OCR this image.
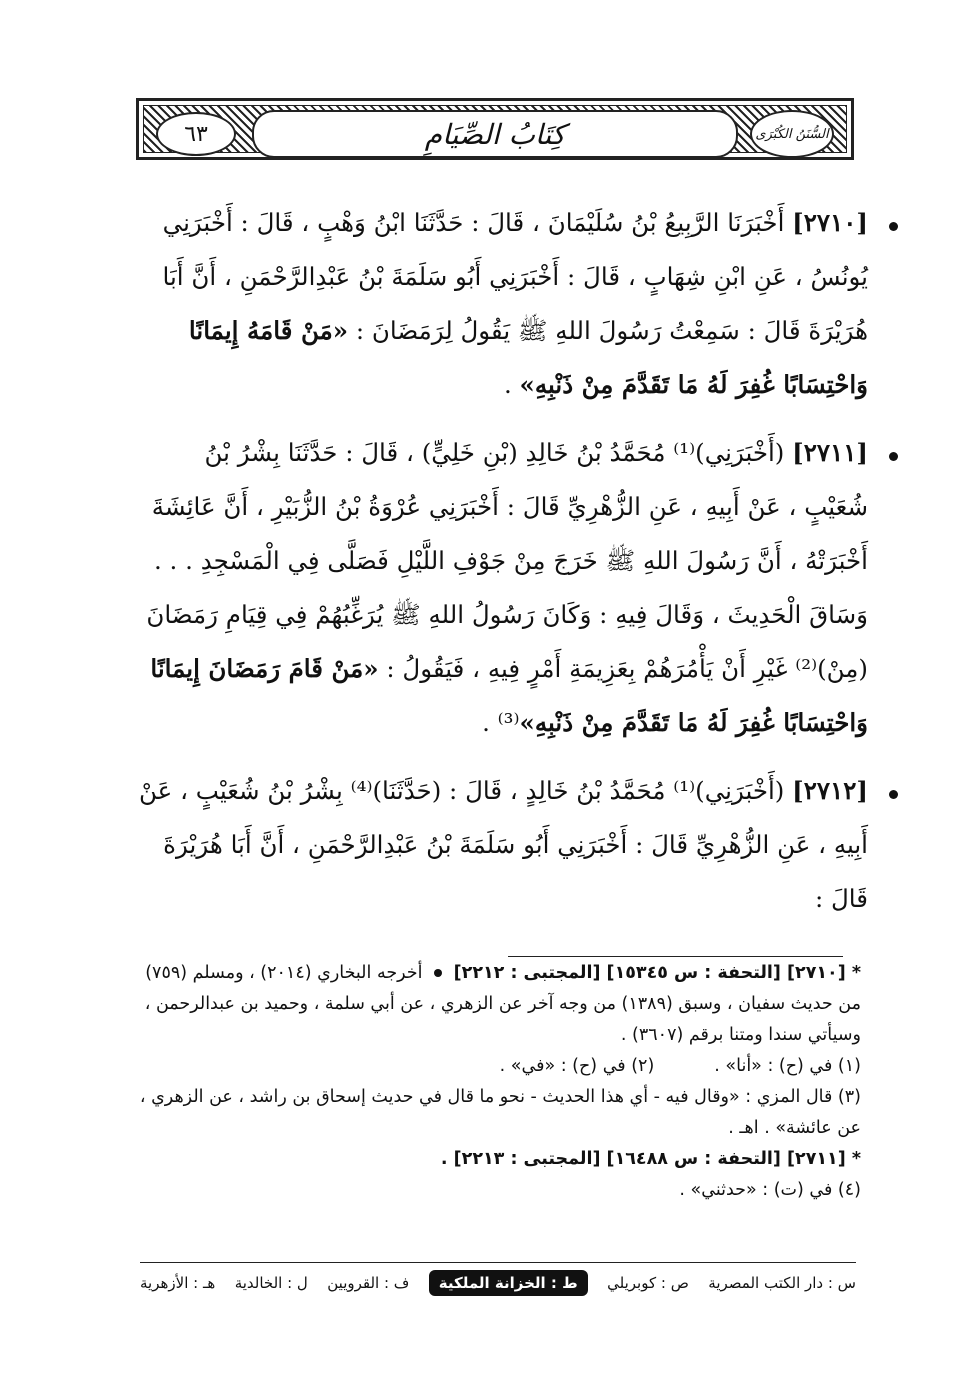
٦٣	كِتَابُ الصِّيَامِ	السُّنَنُ الكُبْرَى
[٢٧١٠] أَخْبَرَنَا الرَّبِيعُ بْنُ سُلَيْمَانَ ، قَالَ : حَدَّثَنَا ابْنُ وَهْبٍ ، قَالَ : أَخْبَرَنِي يُونُسُ ، عَنِ ابْنِ شِهَابٍ ، قَالَ : أَخْبَرَنِي أَبُو سَلَمَةَ بْنُ عَبْدِالرَّحْمَنِ ، أَنَّ أَبَا هُرَيْرَةَ قَالَ : سَمِعْتُ رَسُولَ اللهِ ﷺ يَقُولُ لِرَمَضَانَ : «مَنْ قَامَهُ إِيمَانًا وَاحْتِسَابًا غُفِرَ لَهُ مَا تَقَدَّمَ مِنْ ذَنْبِهِ» .
[٢٧١١] (أَخْبَرَنِي)⁽¹⁾ مُحَمَّدُ بْنُ خَالِدِ (بْنِ خَلِيٍّ) ، قَالَ : حَدَّثَنَا بِشْرُ بْنُ شُعَيْبٍ ، عَنْ أَبِيهِ ، عَنِ الزُّهْرِيِّ قَالَ : أَخْبَرَنِي عُرْوَةُ بْنُ الزُّبَيْرِ ، أَنَّ عَائِشَةَ أَخْبَرَتْهُ ، أَنَّ رَسُولَ اللهِ ﷺ خَرَجَ مِنْ جَوْفِ اللَّيْلِ فَصَلَّى فِي الْمَسْجِدِ . . . وَسَاقَ الْحَدِيثَ ، وَقَالَ فِيهِ : وَكَانَ رَسُولُ اللهِ ﷺ يُرَغِّبُهُمْ فِي قِيَامِ رَمَضَانَ (مِنْ)⁽²⁾ غَيْرِ أَنْ يَأْمُرَهُمْ بِعَزِيمَةِ أَمْرٍ فِيهِ ، فَيَقُولُ : «مَنْ قَامَ رَمَضَانَ إِيمَانًا وَاحْتِسَابًا غُفِرَ لَهُ مَا تَقَدَّمَ مِنْ ذَنْبِهِ»⁽³⁾ .
[٢٧١٢] (أَخْبَرَنِي)⁽¹⁾ مُحَمَّدُ بْنُ خَالِدٍ ، قَالَ : (حَدَّثَنَا)⁽⁴⁾ بِشْرُ بْنُ شُعَيْبٍ ، عَنْ أَبِيهِ ، عَنِ الزُّهْرِيِّ قَالَ : أَخْبَرَنِي أَبُو سَلَمَةَ بْنُ عَبْدِالرَّحْمَنِ ، أَنَّ أَبَا هُرَيْرَةَ قَالَ :
* [٢٧١٠] [التحفة : س ١٥٣٤٥] [المجتبى : ٢٢١٢]  أخرجه البخاري (٢٠١٤) ، ومسلم (٧٥٩) من حديث سفيان ، وسبق (١٣٨٩) من وجه آخر عن الزهري ، عن أبي سلمة ، وحميد بن عبدالرحمن ، وسيأتي سندا ومتنا برقم (٣٦٠٧) .
(١) في (ح) : «أنا» .
(٢) في (ح) : «في» .
(٣) قال المزي : «وقال فيه - أي هذا الحديث - نحو ما قال في حديث إسحاق بن راشد ، عن الزهري ، عن عائشة» . اهـ .
* [٢٧١١] [التحفة : س ١٦٤٨٨] [المجتبى : ٢٢١٣] .
(٤) في (ت) : «حدثني» .
س : دار الكتب المصرية
ص : كوبريلي
ط : الخزانة الملكية
ف : القرويين
ل : الخالدية
هـ : الأزهرية
